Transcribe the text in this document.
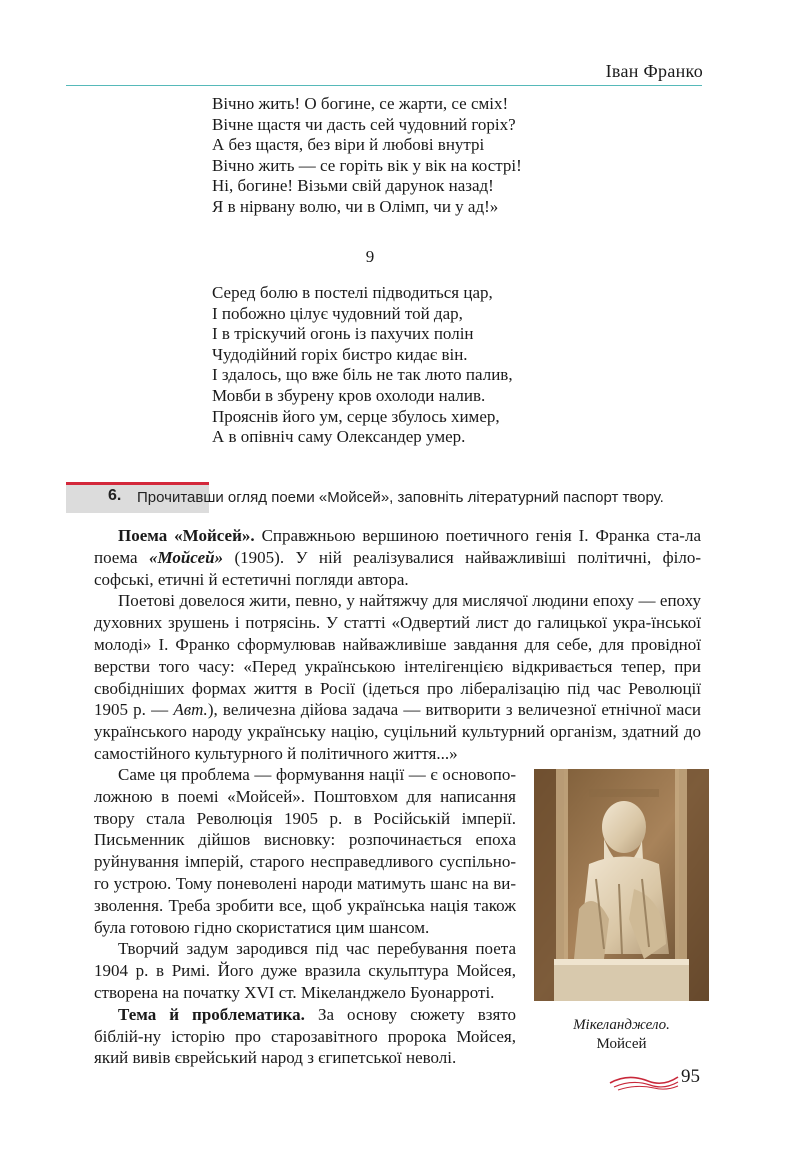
Іван Франко
Вічно жить! О богине, се жарти, се сміх!
Вічне щастя чи дасть сей чудовний горіх?
А без щастя, без віри й любові внутрі
Вічно жить — се горіть вік у вік на кострі!
Ні, богине! Візьми свій дарунок назад!
Я в нірвану волю, чи в Олімп, чи у ад!»
9
Серед болю в постелі підводиться цар,
І побожно цілує чудовний той дар,
І в тріскучий огонь із пахучих полін
Чудодійний горіх бистро кидає він.
І здалось, що вже біль не так люто палив,
Мовби в збурену кров охолоди налив.
Прояснів його ум, серце збулось химер,
А в опівніч саму Олександер умер.
6. Прочитавши огляд поеми «Мойсей», заповніть літературний паспорт твору.

Поема «Мойсей». Справжньою вершиною поетичного генія І. Франка ста-ла поема «Мойсей» (1905). У ній реалізувалися найважливіші політичні, філо-софські, етичні й естетичні погляди автора.

Поетові довелося жити, певно, у найтяжчу для мислячої людини епоху — епоху духовних зрушень і потрясінь. У статті «Одвертий лист до галицької укра-їнської молоді» І. Франко сформулював найважливіше завдання для себе, для провідної верстви того часу: «Перед українською інтелігенцією відкривається тепер, при свобідніших формах життя в Росії (ідеться про лібералізацію під час Революції 1905 р. — Авт.), величезна дійова задача — витворити з величезної етнічної маси українського народу українську націю, суцільний культурний організм, здатний до самостійного культурного й політичного життя...»

Саме ця проблема — формування нації — є основопо-ложною в поемі «Мойсей». Поштовхом для написання твору стала Революція 1905 р. в Російській імперії. Письменник дійшов висновку: розпочинається епоха руйнування імперій, старого несправедливого суспільно-го устрою. Тому поневолені народи матимуть шанс на ви-зволення. Треба зробити все, щоб українська нація також була готовою гідно скористатися цим шансом.

Творчий задум зародився під час перебування поета 1904 р. в Римі. Його дуже вразила скульптура Мойсея, створена на початку XVI ст. Мікеланджело Буонарроті.

Тема й проблематика. За основу сюжету взято біблій-ну історію про старозавітного пророка Мойсея, який вивів єврейський народ з єгипетської неволі.

Мікеланджело.
Мойсей
95
